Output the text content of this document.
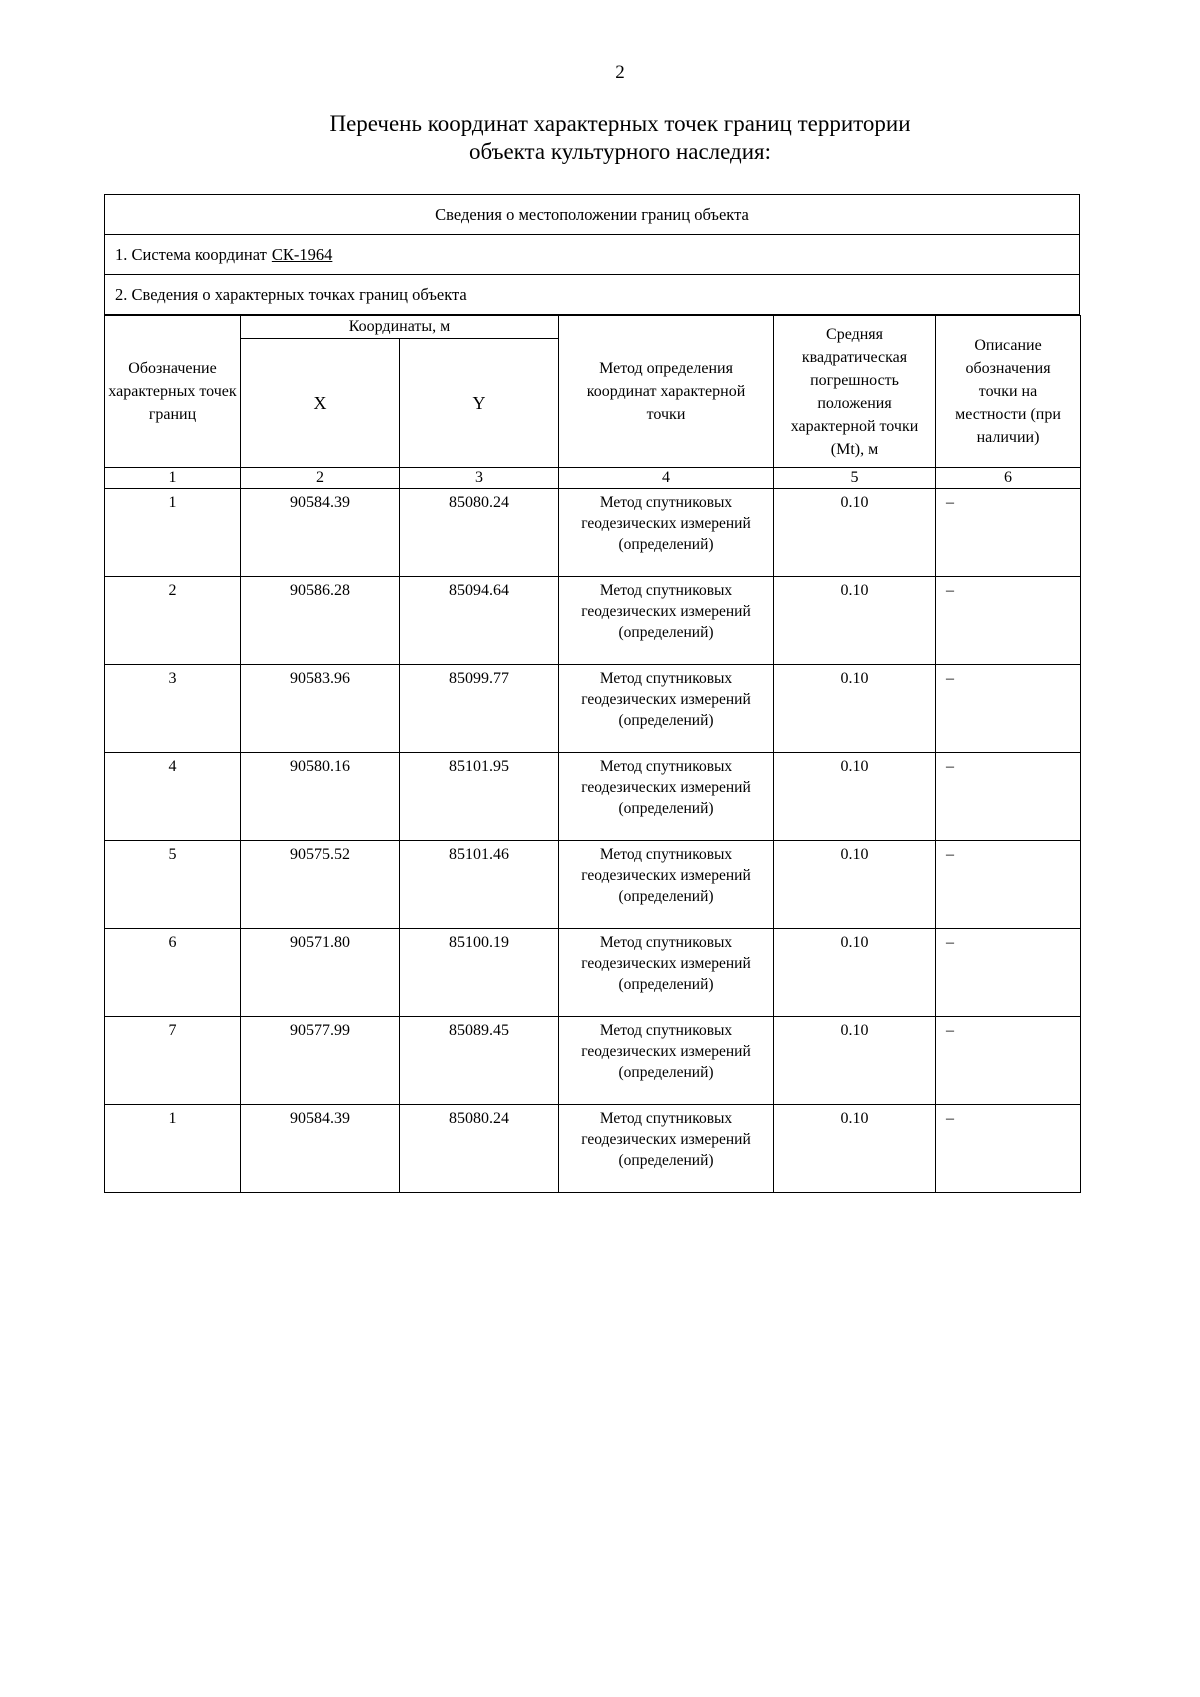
2
Перечень координат характерных точек границ территории
объекта культурного наследия:
Сведения о местоположении границ объекта
1. Система координат СК-1964
2. Сведения о характерных точках границ объекта
Обозначение характерных точек границ	Координаты, м		Метод определения координат характерной точки	Средняя квадратическая погрешность положения характерной точки (Mt), м	Описание обозначения точки на местности (при наличии)
	X	Y			
1	2	3	4	5	6
1	90584.39	85080.24	Метод спутниковых геодезических измерений (определений)	0.10	–
2	90586.28	85094.64	Метод спутниковых геодезических измерений (определений)	0.10	–
3	90583.96	85099.77	Метод спутниковых геодезических измерений (определений)	0.10	–
4	90580.16	85101.95	Метод спутниковых геодезических измерений (определений)	0.10	–
5	90575.52	85101.46	Метод спутниковых геодезических измерений (определений)	0.10	–
6	90571.80	85100.19	Метод спутниковых геодезических измерений (определений)	0.10	–
7	90577.99	85089.45	Метод спутниковых геодезических измерений (определений)	0.10	–
1	90584.39	85080.24	Метод спутниковых геодезических измерений (определений)	0.10	–
